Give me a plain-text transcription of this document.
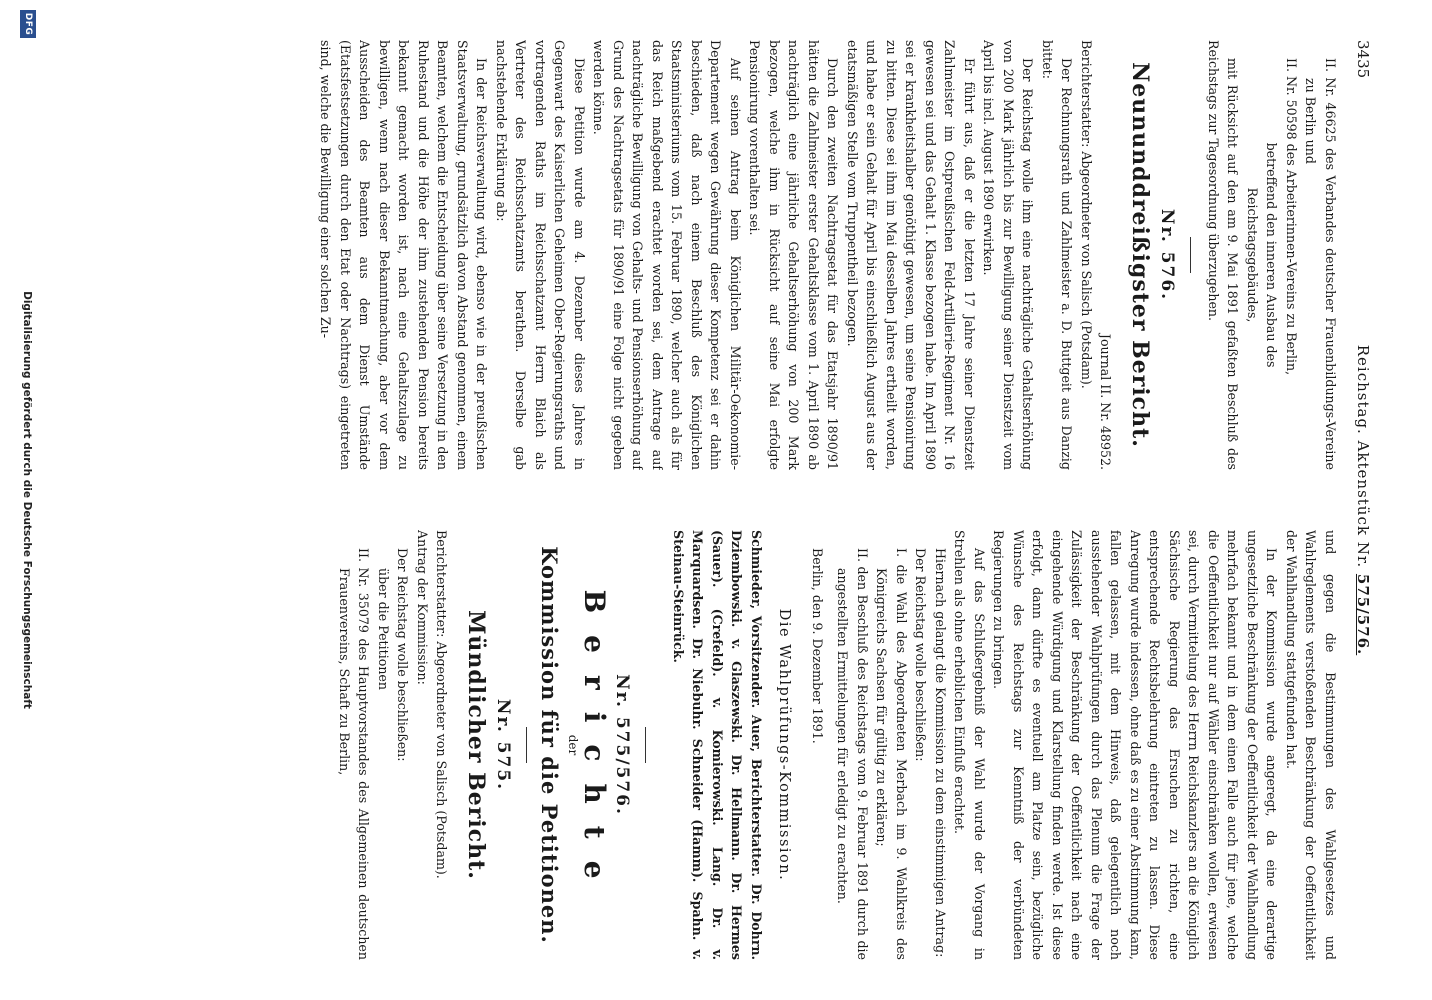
3435
Reichstag. Aktenstück Nr. 575/576.

II. Nr. 46625 des Verbandes deutscher Frauenbildungs-Vereine zu Berlin und

II. Nr. 50598 des Arbeiterinnen-Vereins zu Berlin,

betreffend den inneren Ausbau des Reichstagsgebäudes,

mit Rücksicht auf den am 9. Mai 1891 gefaßten Beschluß des Reichstags zur Tagesordnung überzugehen.

Nr. 576.

Neununddreißigster Bericht.

Journal II. Nr. 48952.

Berichterstatter: Abgeordneter von Salisch (Potsdam).

Der Rechnungsrath und Zahlmeister a. D. Buttgeit aus Danzig bittet:

Der Reichstag wolle ihm eine nachträgliche Gehaltserhöhung von 200 Mark jährlich bis zur Bewilligung seiner Dienstzeit vom April bis incl. August 1890 erwirken.

Er führt aus, daß er die letzten 17 Jahre seiner Dienstzeit Zahlmeister im Ostpreußischen Feld-Artillerie-Regiment Nr. 16 gewesen sei und das Gehalt 1. Klasse bezogen habe. Im April 1890 sei er krankheitshalber genöthigt gewesen, um seine Pensionirung zu bitten. Diese sei ihm im Mai desselben Jahres ertheilt worden, und habe er sein Gehalt für April bis einschließlich August aus der etatsmäßigen Stelle vom Truppentheil bezogen.

Durch den zweiten Nachtragsetat für das Etatsjahr 1890/91 hätten die Zahlmeister erster Gehaltsklasse vom 1. April 1890 ab nachträglich eine jährliche Gehaltserhöhung von 200 Mark bezogen, welche ihm in Rücksicht auf seine Mai erfolgte Pensionirung vorenthalten sei.

Auf seinen Antrag beim Königlichen Militär-Oekonomie-Departement wegen Gewährung dieser Kompetenz sei er dahin beschieden, daß nach einem Beschluß des Königlichen Staatsministeriums vom 15. Februar 1890, welcher auch als für das Reich maßgebend erachtet worden sei, dem Antrage auf nachträgliche Bewilligung von Gehalts- und Pensionserhöhung auf Grund des Nachtragsetats für 1890/91 eine Folge nicht gegeben werden könne.

Diese Petition wurde am 4. Dezember dieses Jahres in Gegenwart des Kaiserlichen Geheimen Ober-Regierungsraths und vortragenden Raths im Reichsschatzamt Herrn Blaich als Vertreter des Reichsschatzamts berathen. Derselbe gab nachstehende Erklärung ab:

In der Reichsverwaltung wird, ebenso wie in der preußischen Staatsverwaltung, grundsätzlich davon Abstand genommen, einem Beamten, welchem die Entscheidung über seine Versetzung in den Ruhestand und die Höhe der ihm zustehenden Pension bereits bekannt gemacht worden ist, nach eine Gehaltszulage zu bewilligen, wenn nach dieser Bekanntmachung, aber vor dem Ausscheiden des Beamten aus dem Dienst Umstände (Etatsfestsetzungen durch den Etat oder Nachtrags) eingetreten sind, welche die Bewilligung einer solchen Zu-

und gegen die Bestimmungen des Wahlgesetzes und Wahlreglements verstoßenden Beschränkung der Oeffentlichkeit der Wahlhandlung stattgefunden hat.

In der Kommission wurde angeregt, da eine derartige ungesetzliche Beschränkung der Oeffentlichkeit der Wahlhandlung mehrfach bekannt und in dem einen Falle auch für jene, welche die Oeffentlichkeit nur auf Wähler einschränken wollen, erwiesen sei, durch Vermittelung des Herrn Reichskanzlers an die Königlich Sächsische Regierung das Ersuchen zu richten, eine entsprechende Rechtsbelehrung eintreten zu lassen. Diese Anregung wurde indessen, ohne daß es zu einer Abstimmung kam, fallen gelassen, mit dem Hinweis, daß gelegentlich noch ausstehender Wahlprüfungen durch das Plenum die Frage der Zulässigkeit der Beschränkung der Oeffentlichkeit nach eine eingehende Würdigung und Klarstellung finden werde. Ist diese erfolgt, dann dürfte es eventuell am Platze sein, bezügliche Wünsche des Reichstags zur Kenntniß der verbündeten Regierungen zu bringen.

Auf das Schlußergebniß der Wahl wurde der Vorgang in Strehlen als ohne erheblichen Einfluß erachtet.

Hiernach gelangt die Kommission zu dem einstimmigen Antrag:

Der Reichstag wolle beschließen:

I. die Wahl des Abgeordneten Merbach im 9. Wahlkreis des Königreichs Sachsen für gültig zu erklären;

II. den Beschluß des Reichstags vom 9. Februar 1891 durch die angestellten Ermittelungen für erledigt zu erachten.

Berlin, den 9. Dezember 1891.

Die Wahlprüfungs-Kommission.

Schmieder, Vorsitzender. Auer, Berichterstatter. Dr. Dohrn. Dziembowski. v. Glaszewski. Dr. Hellmann. Dr. Hermes (Sauer). (Crefeld). v. Komierowski. Lang. Dr. v. Marquardsen. Dr. Niebuhr. Schneider (Hamm). Spahn. v. Steinau-Steinrück.

Nr. 575/576.

Berichte

der

Kommission für die Petitionen.

Nr. 575.

Mündlicher Bericht.

Berichterstatter: Abgeordneter von Salisch (Potsdam).

Antrag der Kommission:

Der Reichstag wolle beschließen:

über die Petitionen

II. Nr. 35079 des Hauptvorstandes des Allgemeinen deutschen Frauenvereins, Schaft zu Berlin,

DFG
Digitalisierung gefördert durch die Deutsche Forschungsgemeinschaft
